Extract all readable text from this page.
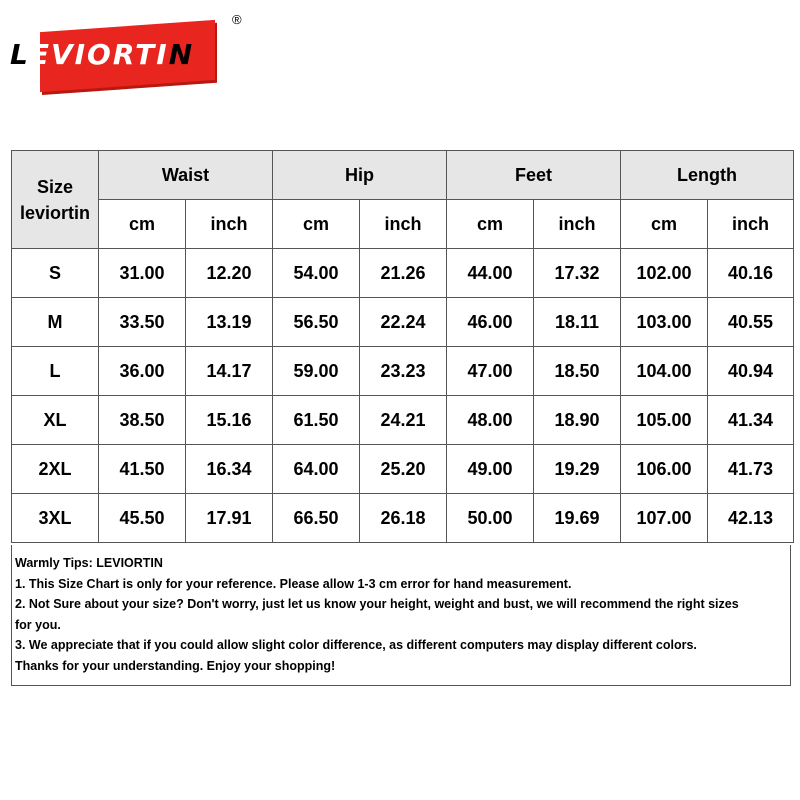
LEVIORTIN
®
Size
leviortin	Waist		Hip		Feet		Length	
	cm	inch	cm	inch	cm	inch	cm	inch
S	31.00	12.20	54.00	21.26	44.00	17.32	102.00	40.16
M	33.50	13.19	56.50	22.24	46.00	18.11	103.00	40.55
L	36.00	14.17	59.00	23.23	47.00	18.50	104.00	40.94
XL	38.50	15.16	61.50	24.21	48.00	18.90	105.00	41.34
2XL	41.50	16.34	64.00	25.20	49.00	19.29	106.00	41.73
3XL	45.50	17.91	66.50	26.18	50.00	19.69	107.00	42.13
Warmly Tips: LEVIORTIN
1. This Size Chart is only for your reference. Please allow 1-3 cm error for hand measurement.
2. Not Sure about your size? Don't worry, just let us know your height, weight and bust, we will recommend the right sizes
for you.
3. We appreciate that if you could allow slight color difference, as different computers may display different colors.
Thanks for your understanding. Enjoy your shopping!
